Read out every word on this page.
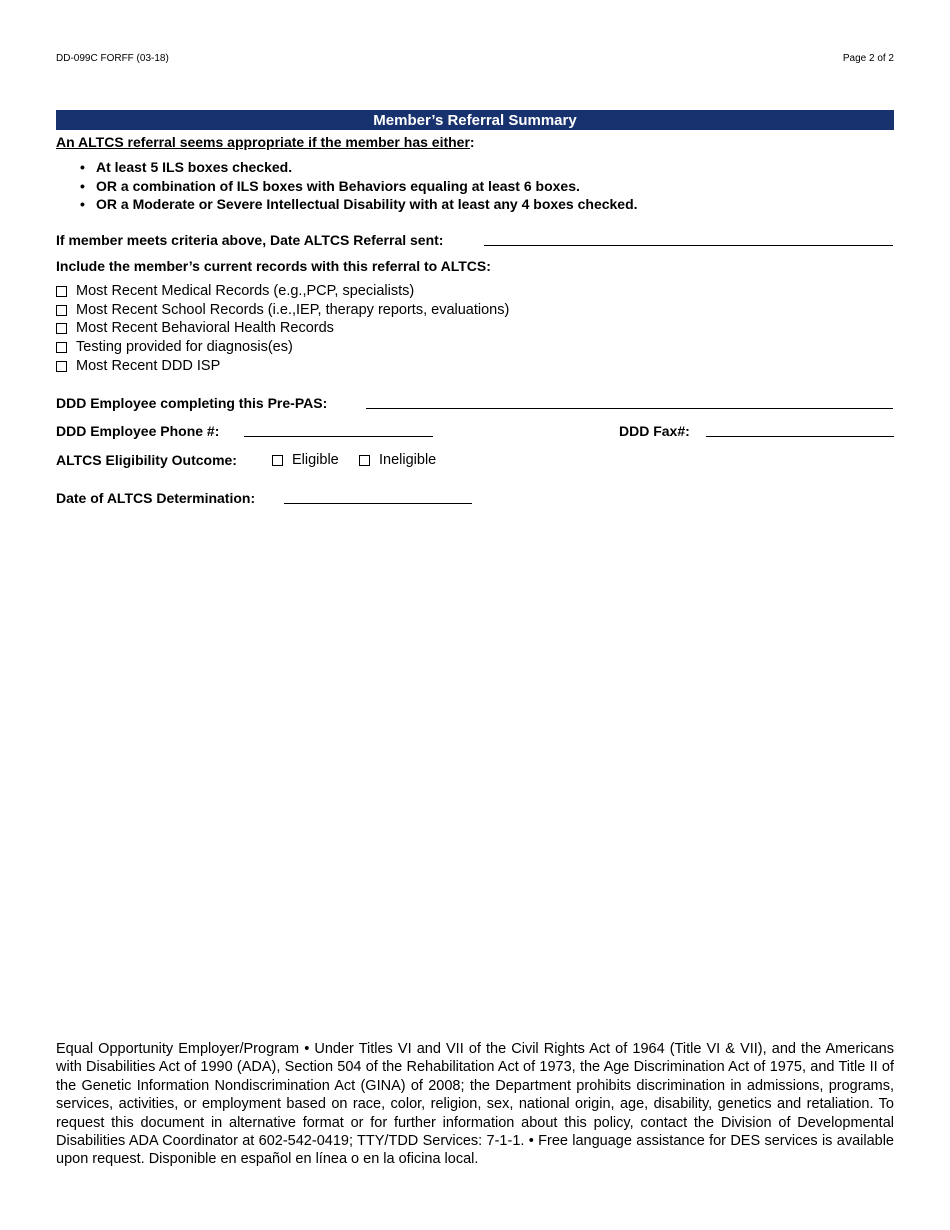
DD-099C FORFF (03-18)	Page 2 of 2
Member’s Referral Summary
An ALTCS referral seems appropriate if the member has either:
• At least 5 ILS boxes checked.
• OR a combination of ILS boxes with Behaviors equaling at least 6 boxes.
• OR a Moderate or Severe Intellectual Disability with at least any 4 boxes checked.
If member meets criteria above, Date ALTCS Referral sent:
Include the member’s current records with this referral to ALTCS:
Most Recent Medical Records (e.g.,PCP, specialists)
Most Recent School Records (i.e.,IEP, therapy reports, evaluations)
Most Recent Behavioral Health Records
Testing provided for diagnosis(es)
Most Recent DDD ISP
DDD Employee completing this Pre-PAS:
DDD Employee Phone #:	DDD Fax#:
ALTCS Eligibility Outcome:	Eligible	Ineligible
Date of ALTCS Determination:
Equal Opportunity Employer/Program • Under Titles VI and VII of the Civil Rights Act of 1964 (Title VI & VII), and the Americans with Disabilities Act of 1990 (ADA), Section 504 of the Rehabilitation Act of 1973, the Age Discrimination Act of 1975, and Title II of the Genetic Information Nondiscrimination Act (GINA) of 2008; the Department prohibits discrimination in admissions, programs, services, activities, or employment based on race, color, religion, sex, national origin, age, disability, genetics and retaliation. To request this document in alternative format or for further information about this policy, contact the Division of Developmental Disabilities ADA Coordinator at 602-542-0419; TTY/TDD Services: 7-1-1. • Free language assistance for DES services is available upon request. Disponible en español en línea o en la oficina local.
